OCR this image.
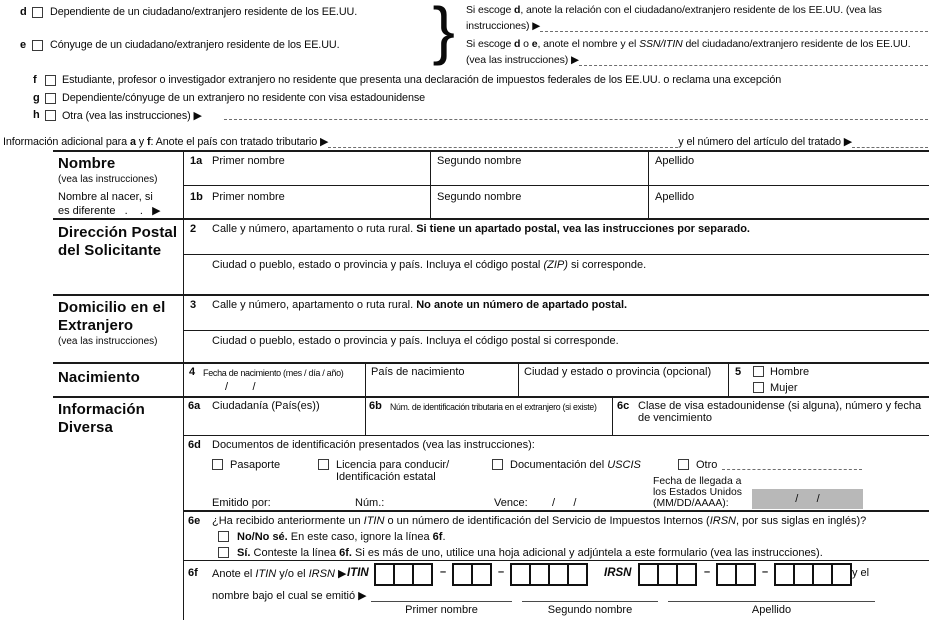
d Dependiente de un ciudadano/extranjero residente de los EE.UU.
e Cónyuge de un ciudadano/extranjero residente de los EE.UU. } Si escoge d, anote la relación con el ciudadano/extranjero residente de los EE.UU. (vea las
instrucciones) ▶
Si escoge d o e, anote el nombre y el SSN/ITIN del ciudadano/extranjero residente de los EE.UU.
(vea las instrucciones) ▶
f Estudiante, profesor o investigador extranjero no residente que presenta una declaración de impuestos federales de los EE.UU. o reclama una excepción
g Dependiente/cónyuge de un extranjero no residente con visa estadounidense
h Otra (vea las instrucciones) ▶
Información adicional para a y f: Anote el país con tratado tributario ▶	y el número del artículo del tratado ▶
Nombre
(vea las instrucciones)
Nombre al nacer, si
es diferente   .    .   ▶
Dirección Postal
del Solicitante
Domicilio en el
Extranjero
(vea las instrucciones)
Nacimiento
Información
Diversa
1a Primer nombre	Segundo nombre	Apellido
1b Primer nombre	Segundo nombre	Apellido
2 Calle y número, apartamento o ruta rural. Si tiene un apartado postal, vea las instrucciones por separado.
Ciudad o pueblo, estado o provincia y país. Incluya el código postal (ZIP) si corresponde.
3 Calle y número, apartamento o ruta rural. No anote un número de apartado postal.
Ciudad o pueblo, estado o provincia y país. Incluya el código postal si corresponde.
4 Fecha de nacimiento (mes / día / año)
/        /
País de nacimiento	Ciudad y estado o provincia (opcional)	5	Hombre
Mujer
6a Ciudadanía (País(es))	6b Núm. de identificación tributaria en el extranjero (si existe)	6c Clase de visa estadounidense (si alguna), número y fecha de vencimiento
6d Documentos de identificación presentados (vea las instrucciones):
Pasaporte	Licencia para conducir/
Identificación estatal
Documentación del USCIS	Otro
Fecha de llegada a
los Estados Unidos
(MM/DD/AAAA):	/      /
Emitido por:	Núm.:	Vence: /      /
6e ¿Ha recibido anteriormente un ITIN o un número de identificación del Servicio de Impuestos Internos (IRSN, por sus siglas en inglés)?
No/No sé. En este caso, ignore la línea 6f.
Sí. Conteste la línea 6f. Si es más de uno, utilice una hoja adicional y adjúntela a este formulario (vea las instrucciones).
6f Anote el ITIN y/o el IRSN ▶ ITIN	–	–	IRSN	–	–	y el
nombre bajo el cual se emitió ▶
Primer nombre	Segundo nombre	Apellido
